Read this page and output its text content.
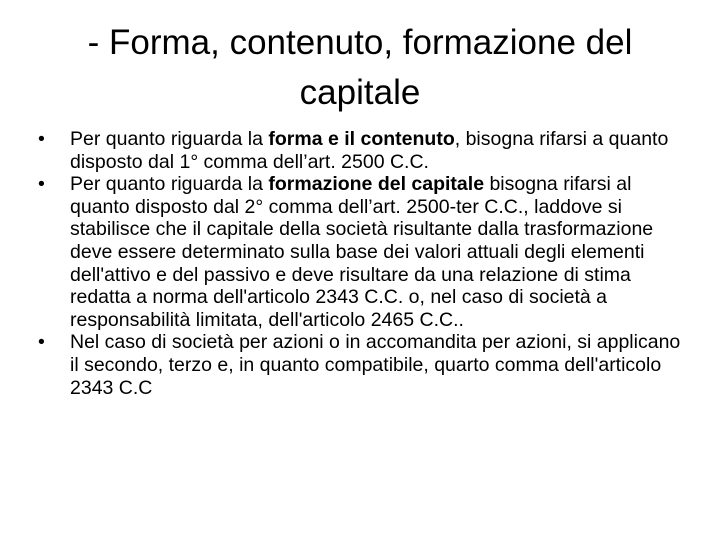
- Forma, contenuto, formazione del
capitale
•	Per quanto riguarda la forma e il contenuto, bisogna rifarsi a quanto disposto dal 1° comma dell’art. 2500 C.C.
•	Per quanto riguarda la formazione del capitale bisogna rifarsi al quanto disposto dal 2° comma dell’art. 2500-ter C.C., laddove si stabilisce che il capitale della società risultante dalla trasformazione deve essere determinato sulla base dei valori attuali degli elementi dell'attivo e del passivo e deve risultare da una relazione di stima redatta a norma dell'articolo 2343 C.C. o, nel caso di società a responsabilità limitata, dell'articolo 2465 C.C..
•	Nel caso di società per azioni o in accomandita per azioni, si applicano il secondo, terzo e, in quanto compatibile, quarto comma dell'articolo 2343 C.C
